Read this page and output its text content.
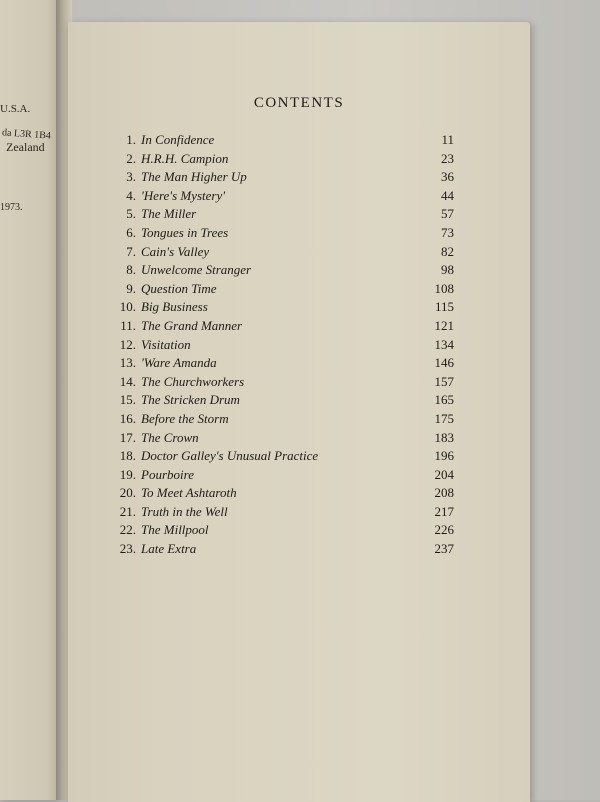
U.S.A.
da L3R 1B4
Zealand
1973.
CONTENTS
1. In Confidence	11
2. H.R.H. Campion	23
3. The Man Higher Up	36
4. 'Here's Mystery'	44
5. The Miller	57
6. Tongues in Trees	73
7. Cain's Valley	82
8. Unwelcome Stranger	98
9. Question Time	108
10. Big Business	115
11. The Grand Manner	121
12. Visitation	134
13. 'Ware Amanda	146
14. The Churchworkers	157
15. The Stricken Drum	165
16. Before the Storm	175
17. The Crown	183
18. Doctor Galley's Unusual Practice	196
19. Pourboire	204
20. To Meet Ashtaroth	208
21. Truth in the Well	217
22. The Millpool	226
23. Late Extra	237
